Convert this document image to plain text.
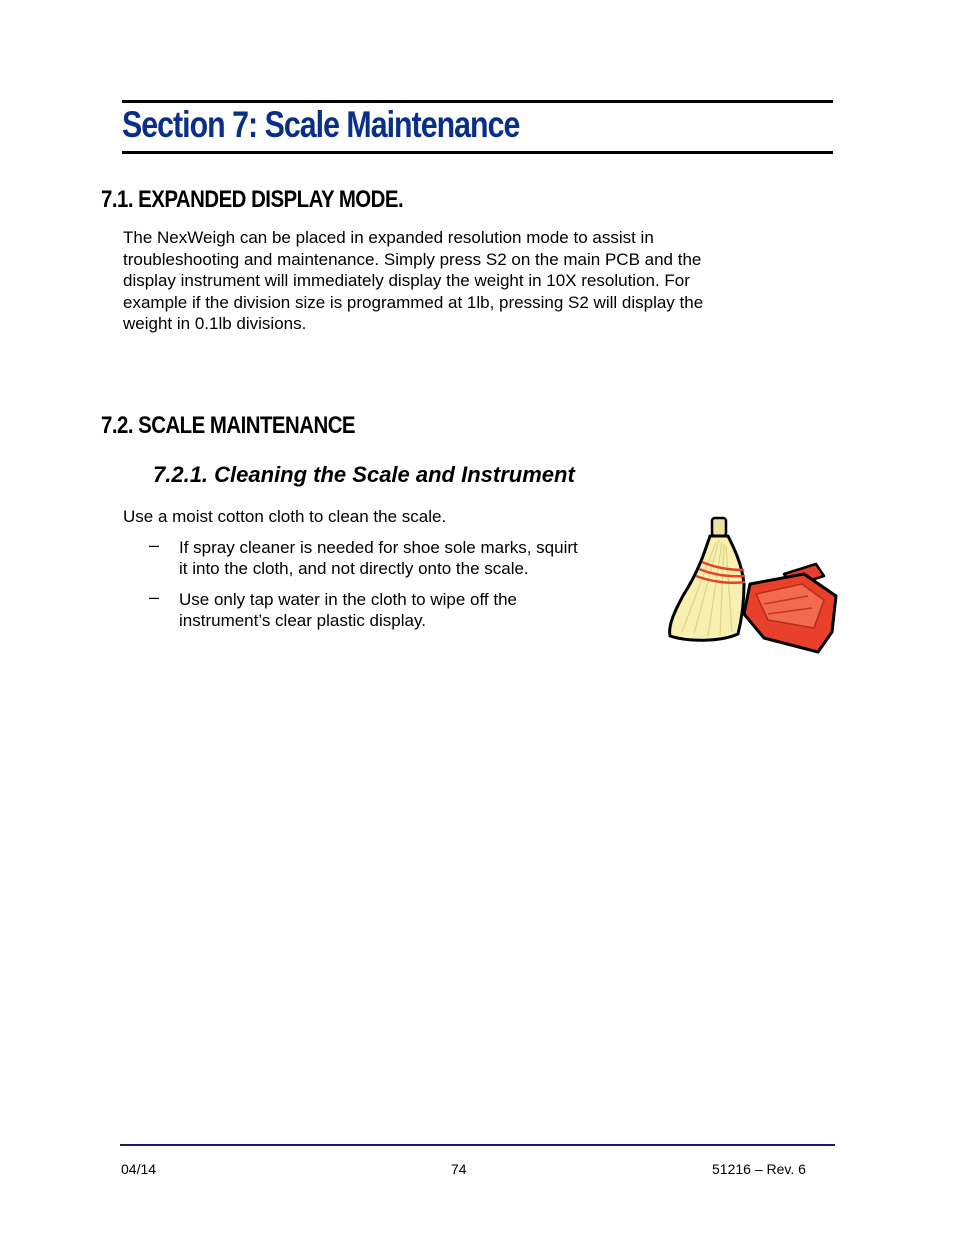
Section 7: Scale Maintenance
7.1. EXPANDED DISPLAY MODE.
The NexWeigh can be placed in expanded resolution mode to assist in
troubleshooting and maintenance. Simply press S2 on the main PCB and the
display instrument will immediately display the weight in 10X resolution. For
example if the division size is programmed at 1lb, pressing S2 will display the
weight in 0.1lb divisions.
7.2. SCALE MAINTENANCE
7.2.1. Cleaning the Scale and Instrument
Use a moist cotton cloth to clean the scale.
– If spray cleaner is needed for shoe sole marks, squirt
it into the cloth, and not directly onto the scale.
– Use only tap water in the cloth to wipe off the
instrument’s clear plastic display.
04/14	74	51216 – Rev. 6
